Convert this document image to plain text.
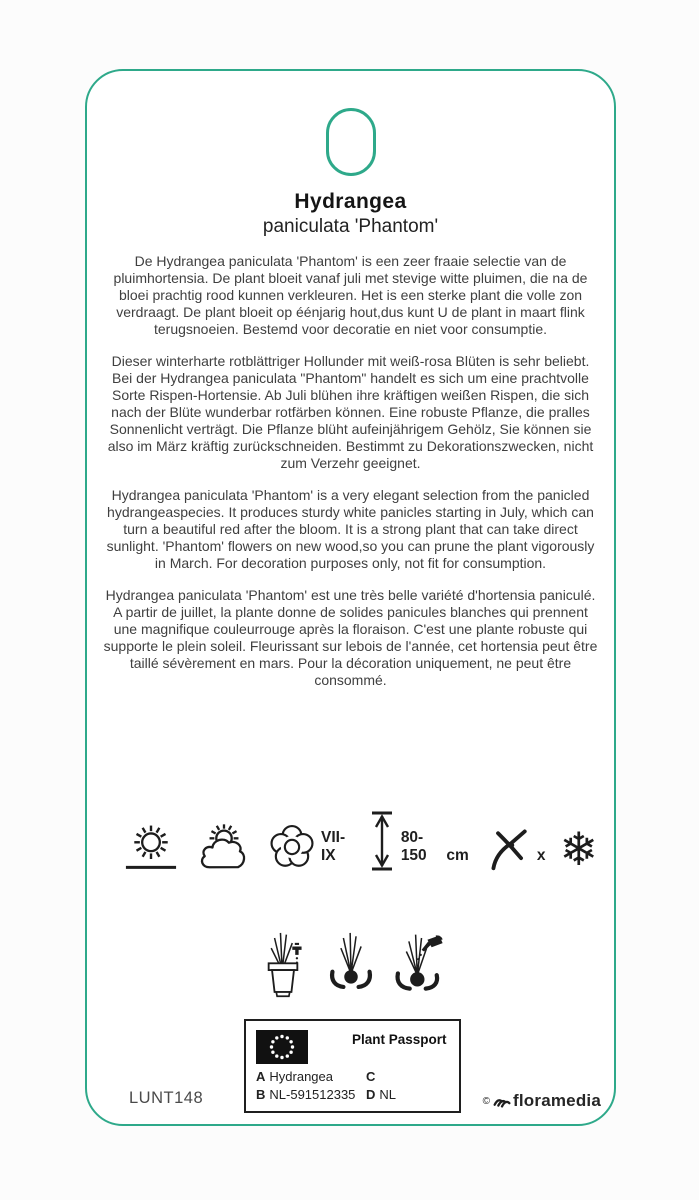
Hydrangea
paniculata 'Phantom'

De Hydrangea paniculata 'Phantom' is een zeer fraaie selectie van de pluimhortensia. De plant bloeit vanaf juli met stevige witte pluimen, die na de bloei prachtig rood kunnen verkleuren. Het is een sterke plant die volle zon verdraagt. De plant bloeit op éénjarig hout,dus kunt U de plant in maart flink terugsnoeien. Bestemd voor decoratie en niet voor consumptie.

Dieser winterharte rotblättriger Hollunder mit weiß-rosa Blüten is sehr beliebt. Bei der Hydrangea paniculata "Phantom" handelt es sich um eine prachtvolle Sorte Rispen-Hortensie. Ab Juli blühen ihre kräftigen weißen Rispen, die sich nach der Blüte wunderbar rotfärben können. Eine robuste Pflanze, die pralles Sonnenlicht verträgt. Die Pflanze blüht aufeinjährigem Gehölz, Sie können sie also im März kräftig zurückschneiden. Bestimmt zu Dekorationszwecken, nicht zum Verzehr geeignet.

Hydrangea paniculata 'Phantom' is a very elegant selection from the panicled hydrangeaspecies. It produces sturdy white panicles starting in July, which can turn a beautiful red after the bloom. It is a strong plant that can take direct sunlight. 'Phantom' flowers on new wood,so you can prune the plant vigorously in March. For decoration purposes only, not fit for consumption.

Hydrangea paniculata 'Phantom' est une très belle variété d'hortensia paniculé. A partir de juillet, la plante donne de solides panicules blanches qui prennent une magnifique couleurrouge après la floraison. C'est une plante robuste qui supporte le plein soleil. Fleurissant sur lebois de l'année, cet hortensia peut être taillé sévèrement en mars. Pour la décoration uniquement, ne peut être consommé.

VII-IX
80-150	cm	x ❄
Plant Passport
A Hydrangea
B NL-591512335
C
D NL
LUNT148	© floramedia
